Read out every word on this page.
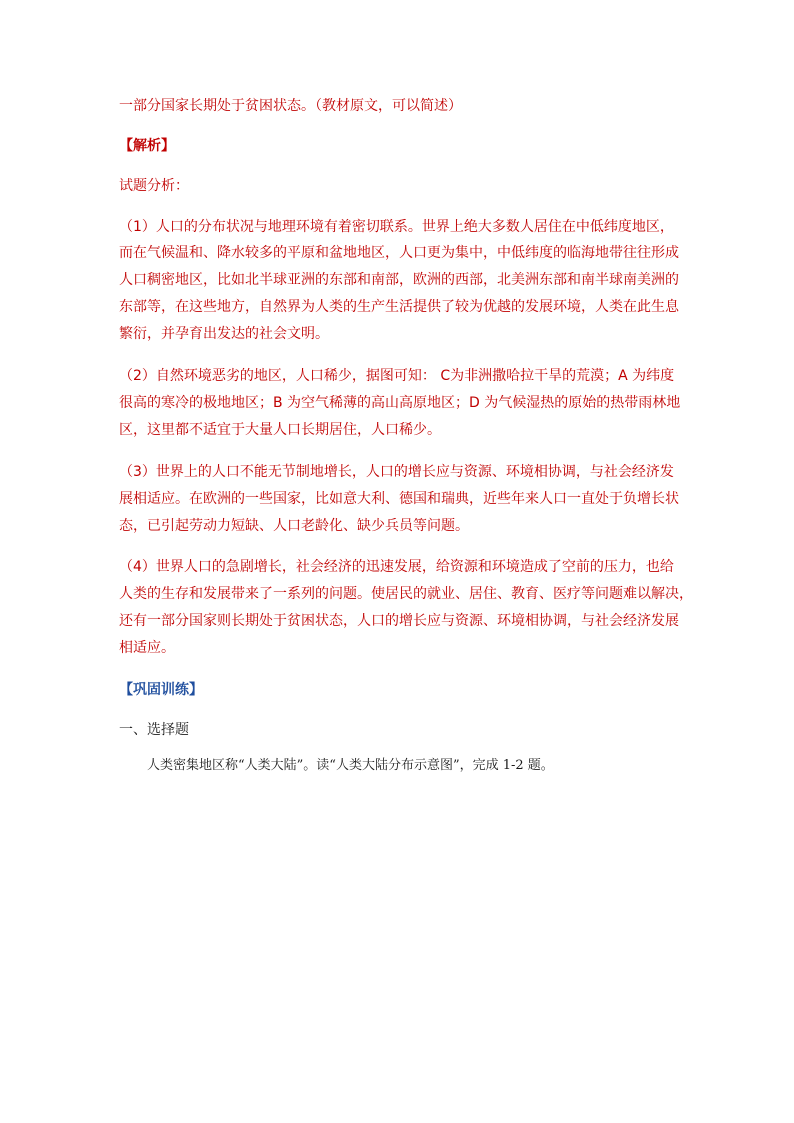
一部分国家长期处于贫困状态。（教材原文，可以简述）
【解析】
试题分析：
（1）人口的分布状况与地理环境有着密切联系。世界上绝大多数人居住在中低纬度地区，
而在气候温和、降水较多的平原和盆地地区，人口更为集中，中低纬度的临海地带往往形成
人口稠密地区，比如北半球亚洲的东部和南部，欧洲的西部，北美洲东部和南半球南美洲的
东部等，在这些地方，自然界为人类的生产生活提供了较为优越的发展环境，人类在此生息
繁衍，并孕育出发达的社会文明。
（2）自然环境恶劣的地区，人口稀少，据图可知： C为非洲撒哈拉干旱的荒漠；A 为纬度
很高的寒冷的极地地区；B 为空气稀薄的高山高原地区；D 为气候湿热的原始的热带雨林地
区，这里都不适宜于大量人口长期居住，人口稀少。
（3）世界上的人口不能无节制地增长，人口的增长应与资源、环境相协调，与社会经济发
展相适应。在欧洲的一些国家，比如意大利、德国和瑞典，近些年来人口一直处于负增长状
态，已引起劳动力短缺、人口老龄化、缺少兵员等问题。
（4）世界人口的急剧增长，社会经济的迅速发展，给资源和环境造成了空前的压力，也给
人类的生存和发展带来了一系列的问题。使居民的就业、居住、教育、医疗等问题难以解决，
还有一部分国家则长期处于贫困状态，人口的增长应与资源、环境相协调，与社会经济发展
相适应。
【巩固训练】
一、选择题
人类密集地区称“人类大陆”。读“人类大陆分布示意图”，完成 1-2 题。
